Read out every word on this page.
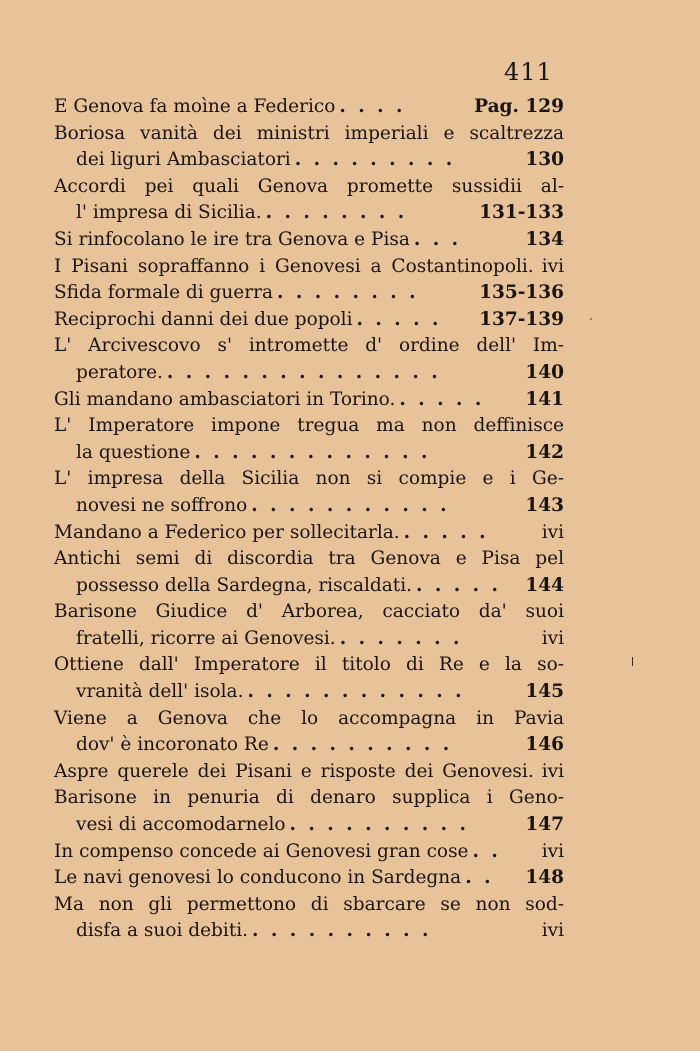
411
E Genova fa moìne a Federico . . . .	Pag. 129
Boriosa vanità dei ministri imperiali e scaltrezza
dei liguri Ambasciatori . . . . . . . . .	130
Accordi pei quali Genova promette sussidii al-
l' impresa di Sicilia. . . . . . . . .	131-133
Si rinfocolano le ire tra Genova e Pisa . . .	134
I Pisani sopraffanno i Genovesi a Costantinopoli. ivi
Sfida formale di guerra . . . . . . . .	135-136
Reciprochi danni dei due popoli . . . . .	137-139
L' Arcivescovo s' intromette d' ordine dell' Im-
peratore. . . . . . . . . . . . . . . .	140
Gli mandano ambasciatori in Torino. . . . . .	141
L' Imperatore impone tregua ma non deffinisce
la questione . . . . . . . . . . . . .	142
L' impresa della Sicilia non si compie e i Ge-
novesi ne soffrono . . . . . . . . . . .	143
Mandano a Federico per sollecitarla. . . . . .	ivi
Antichi semi di discordia tra Genova e Pisa pel
possesso della Sardegna, riscaldati. . . . . .	144
Barisone Giudice d' Arborea, cacciato da' suoi
fratelli, ricorre ai Genovesi. . . . . . . .	ivi
Ottiene dall' Imperatore il titolo di Re e la so-
vranità dell' isola. . . . . . . . . . . . .	145
Viene a Genova che lo accompagna in Pavia
dov' è incoronato Re . . . . . . . . . .	146
Aspre querele dei Pisani e risposte dei Genovesi. ivi
Barisone in penuria di denaro supplica i Geno-
vesi di accomodarnelo . . . . . . . . . .	147
In compenso concede ai Genovesi gran cose . .	ivi
Le navi genovesi lo conducono in Sardegna . .	148
Ma non gli permettono di sbarcare se non sod-
disfa a suoi debiti. . . . . . . . . . .	ivi
